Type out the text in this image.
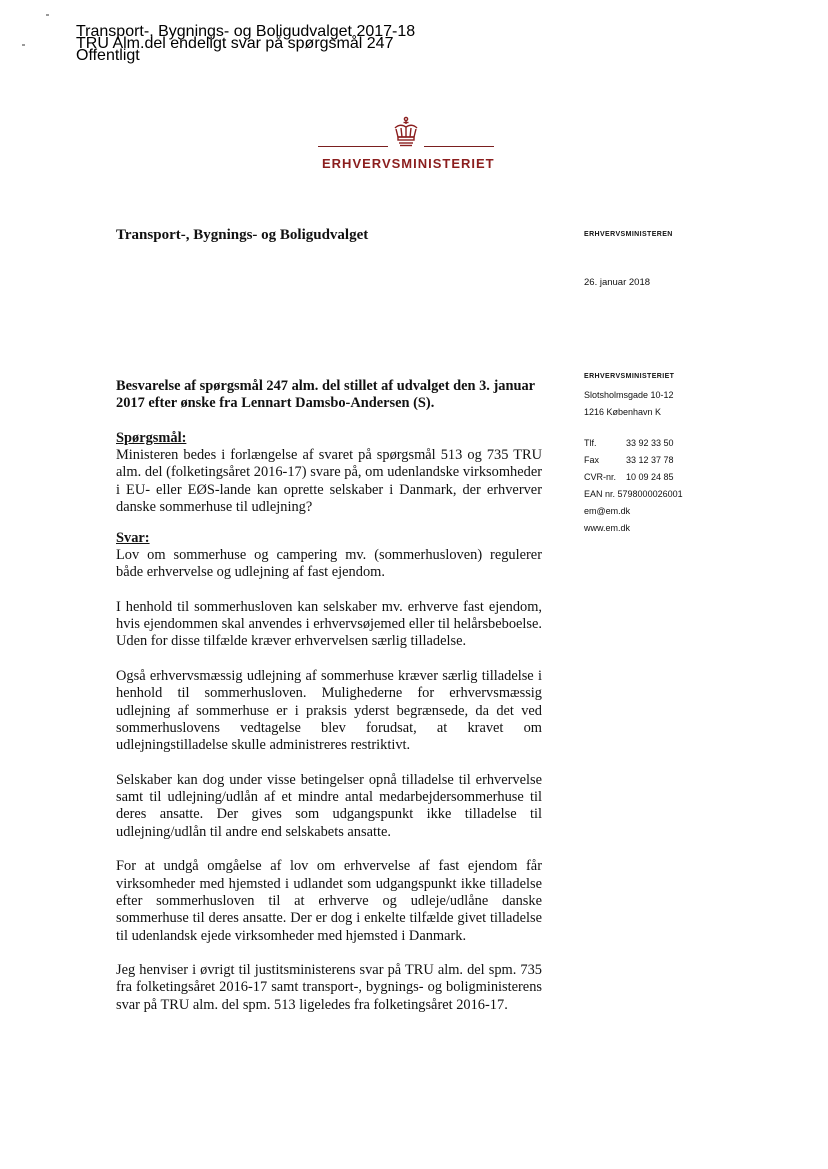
Transport-, Bygnings- og Boligudvalget 2017-18
TRU Alm.del endeligt svar på spørgsmål 247
Offentligt
ERHVERVSMINISTERIET
Transport-, Bygnings- og Boligudvalget	ERHVERVSMINISTEREN
26. januar 2018
ERHVERVSMINISTERIET
Slotsholmsgade 10-12
1216 København K
Tlf.	33 92 33 50
Fax	33 12 37 78
CVR-nr. 10 09 24 85
EAN nr. 5798000026001
em@em.dk
www.em.dk
Besvarelse af spørgsmål 247 alm. del stillet af udvalget den 3. januar 2017 efter ønske fra Lennart Damsbo-Andersen (S).
Spørgsmål:
Ministeren bedes i forlængelse af svaret på spørgsmål 513 og 735 TRU alm. del (folketingsåret 2016-17) svare på, om udenlandske virksomheder i EU- eller EØS-lande kan oprette selskaber i Danmark, der erhverver danske sommerhuse til udlejning?
Svar:

Lov om sommerhuse og campering mv. (sommerhusloven) regulerer både erhvervelse og udlejning af fast ejendom.

I henhold til sommerhusloven kan selskaber mv. erhverve fast ejendom, hvis ejendommen skal anvendes i erhvervsøjemed eller til helårsbeboelse. Uden for disse tilfælde kræver erhvervelsen særlig tilladelse.

Også erhvervsmæssig udlejning af sommerhuse kræver særlig tilladelse i henhold til sommerhusloven. Mulighederne for erhvervsmæssig udlejning af sommerhuse er i praksis yderst begrænsede, da det ved sommerhuslovens vedtagelse blev forudsat, at kravet om udlejningstilladelse skulle administreres restriktivt.

Selskaber kan dog under visse betingelser opnå tilladelse til erhvervelse samt til udlejning/udlån af et mindre antal medarbejdersommerhuse til deres ansatte. Der gives som udgangspunkt ikke tilladelse til udlejning/udlån til andre end selskabets ansatte.

For at undgå omgåelse af lov om erhvervelse af fast ejendom får virksomheder med hjemsted i udlandet som udgangspunkt ikke tilladelse efter sommerhusloven til at erhverve og udleje/udlåne danske sommerhuse til deres ansatte. Der er dog i enkelte tilfælde givet tilladelse til udenlandsk ejede virksomheder med hjemsted i Danmark.

Jeg henviser i øvrigt til justitsministerens svar på TRU alm. del spm. 735 fra folketingsåret 2016-17 samt transport-, bygnings- og boligministerens svar på TRU alm. del spm. 513 ligeledes fra folketingsåret 2016-17.
